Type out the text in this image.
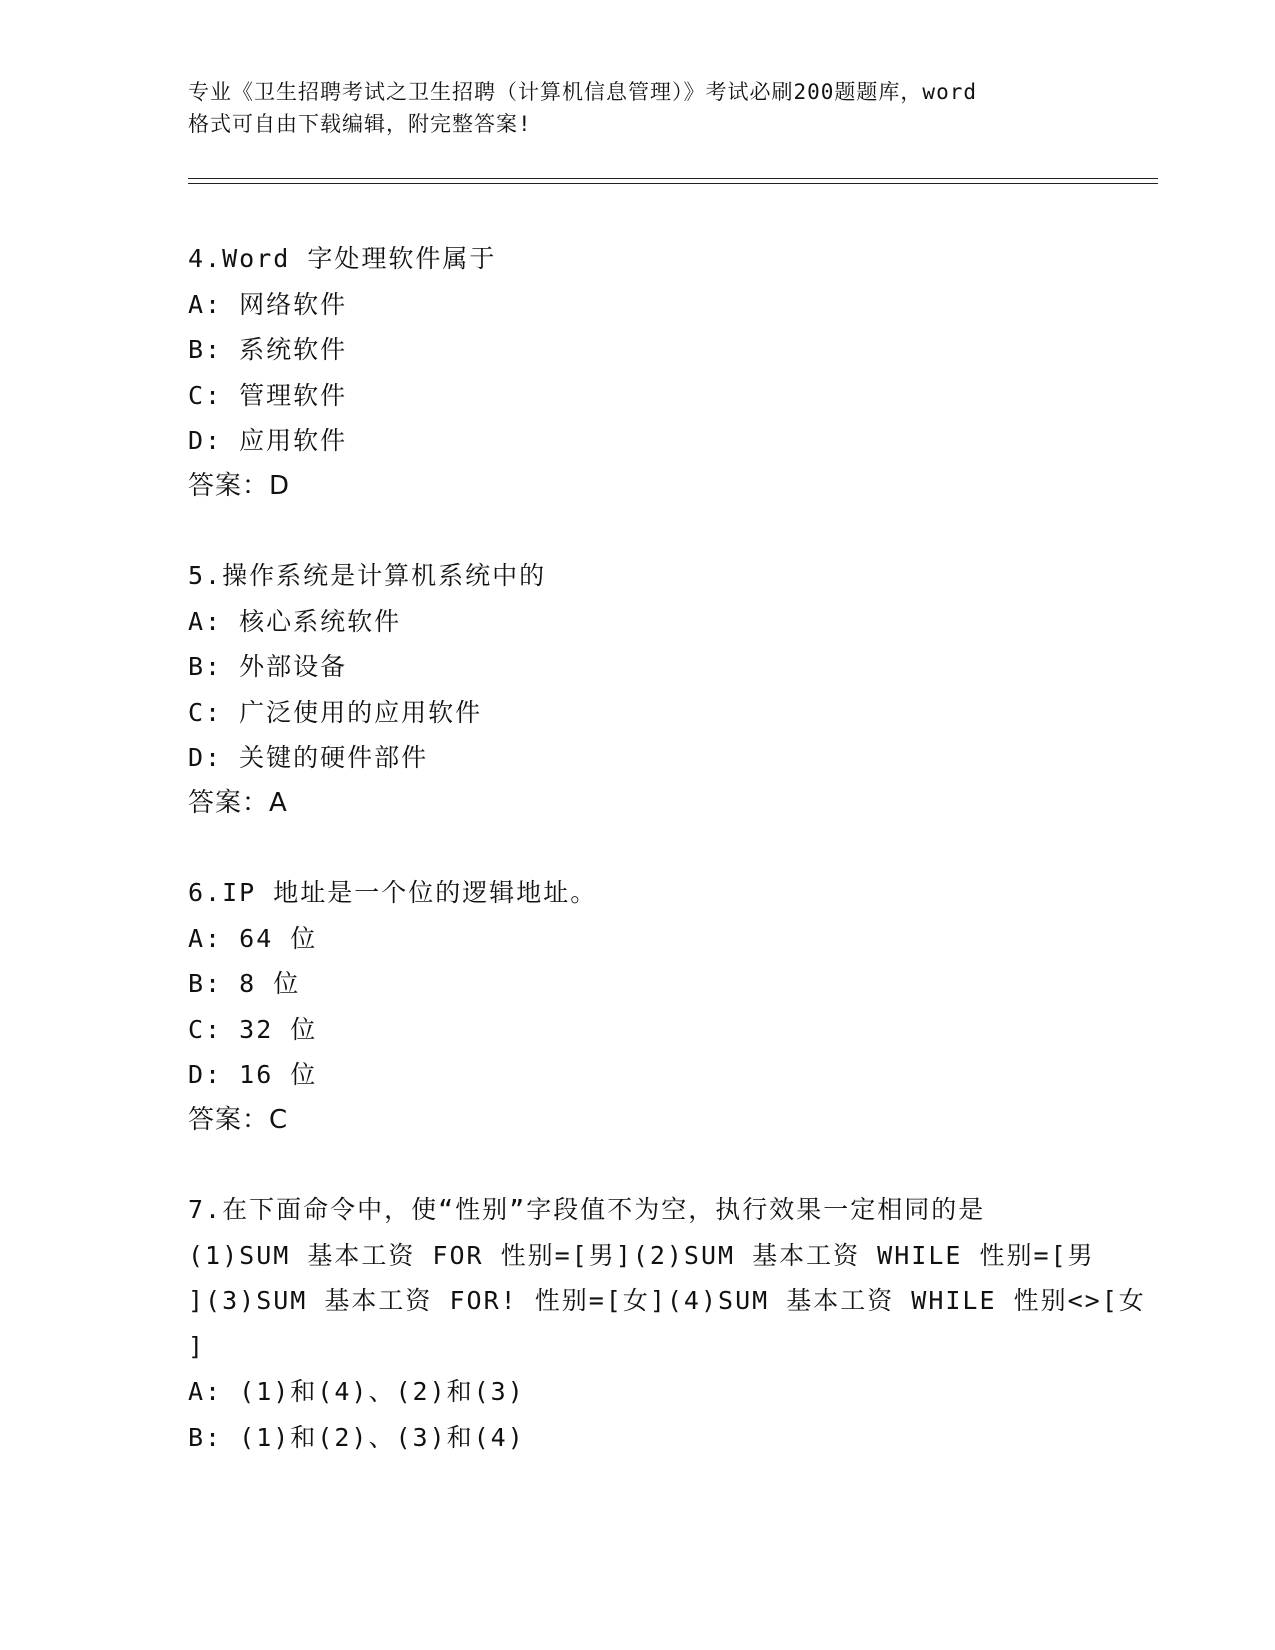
专业《卫生招聘考试之卫生招聘（计算机信息管理）》考试必刷200题题库，word
格式可自由下载编辑，附完整答案!
4.Word 字处理软件属于
A: 网络软件
B: 系统软件
C: 管理软件
D: 应用软件
答案：D
5.操作系统是计算机系统中的
A: 核心系统软件
B: 外部设备
C: 广泛使用的应用软件
D: 关键的硬件部件
答案：A
6.IP 地址是一个位的逻辑地址。
A: 64 位
B: 8 位
C: 32 位
D: 16 位
答案：C
7.在下面命令中，使“性别”字段值不为空，执行效果一定相同的是
(1)SUM 基本工资 FOR 性别=[男](2)SUM 基本工资 WHILE 性别=[男
](3)SUM 基本工资 FOR! 性别=[女](4)SUM 基本工资 WHILE 性别<>[女
]
A: (1)和(4)、(2)和(3)
B: (1)和(2)、(3)和(4)
